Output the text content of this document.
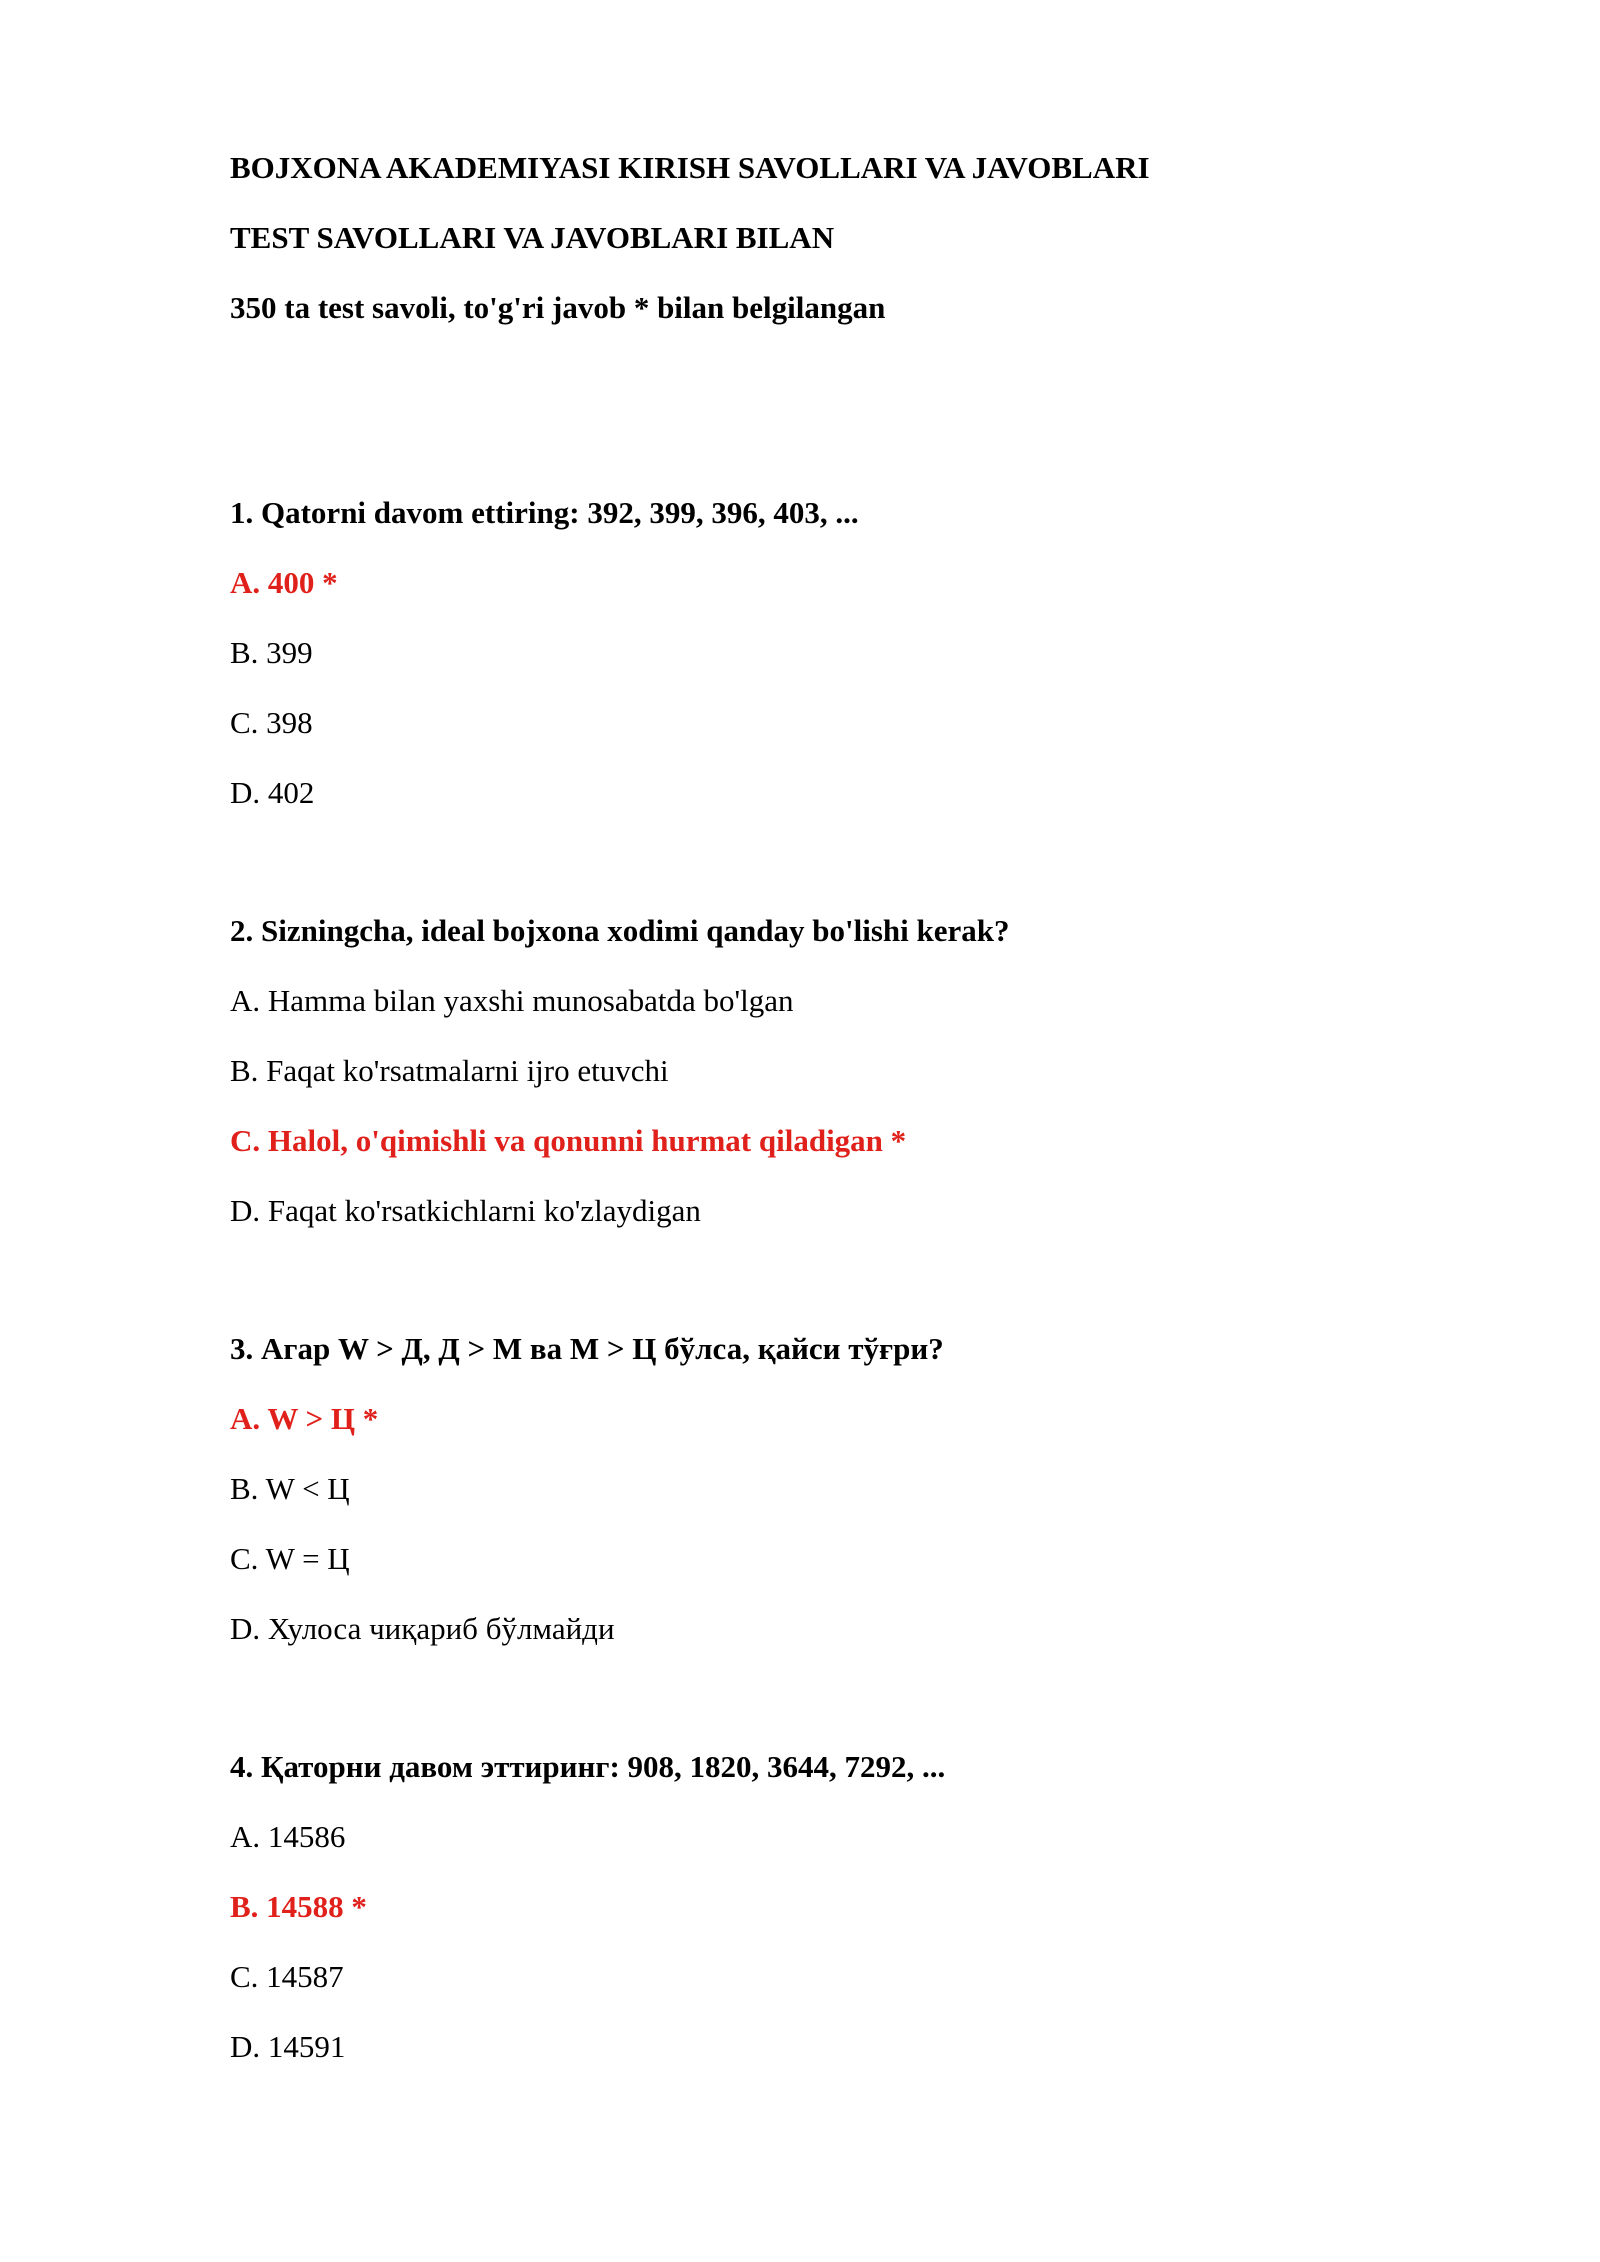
BOJXONA AKADEMIYASI KIRISH SAVOLLARI VA JAVOBLARI
TEST SAVOLLARI VA JAVOBLARI BILAN
350 ta test savoli, to'g'ri javob * bilan belgilangan
1. Qatorni davom ettiring: 392, 399, 396, 403, ...
A. 400 *
B. 399
C. 398
D. 402
2. Sizningcha, ideal bojxona xodimi qanday bo'lishi kerak?
A. Hamma bilan yaxshi munosabatda bo'lgan
B. Faqat ko'rsatmalarni ijro etuvchi
C. Halol, o'qimishli va qonunni hurmat qiladigan *
D. Faqat ko'rsatkichlarni ko'zlaydigan
3. Агар W > Д, Д > М ва М > Ц бўлса, қайси тўғри?
A. W > Ц *
B. W < Ц
C. W = Ц
D. Хулоса чиқариб бўлмайди
4. Қаторни давом эттиринг: 908, 1820, 3644, 7292, ...
A. 14586
B. 14588 *
C. 14587
D. 14591
